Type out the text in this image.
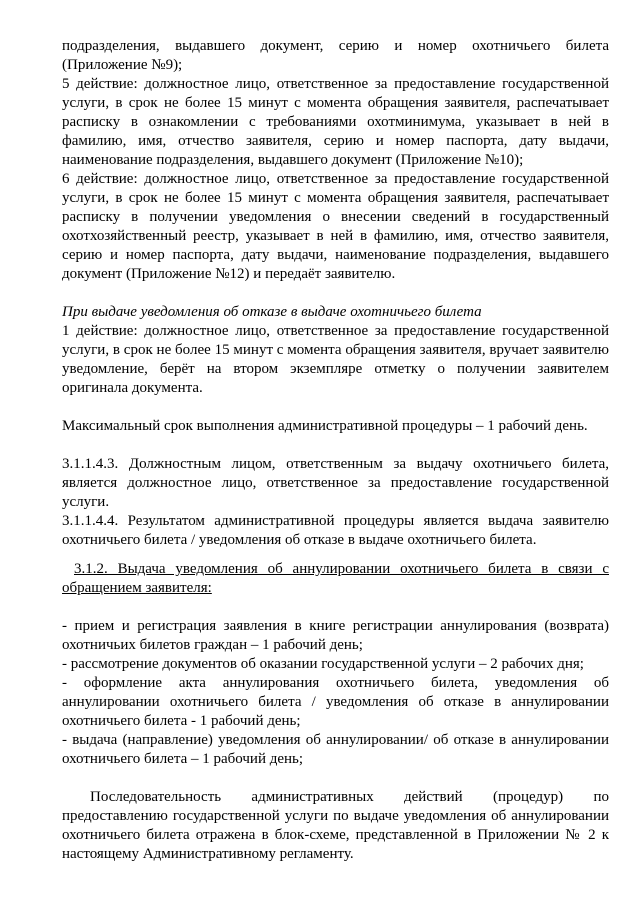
подразделения, выдавшего документ, серию и номер охотничьего билета (Приложение №9);

5 действие: должностное лицо, ответственное за предоставление государственной услуги, в срок не более 15 минут с момента обращения заявителя, распечатывает расписку в ознакомлении с требованиями охотминимума, указывает в ней в фамилию, имя, отчество заявителя, серию и номер паспорта, дату выдачи, наименование подразделения, выдавшего документ (Приложение №10);

6 действие: должностное лицо, ответственное за предоставление государственной услуги, в срок не более 15 минут с момента обращения заявителя, распечатывает расписку в получении уведомления о внесении сведений в государственный охотхозяйственный реестр, указывает в ней в фамилию, имя, отчество заявителя, серию и номер паспорта, дату выдачи, наименование подразделения, выдавшего документ (Приложение №12) и передаёт заявителю.

При выдаче уведомления об отказе в выдаче охотничьего билета

1 действие: должностное лицо, ответственное за предоставление государственной услуги, в срок не более 15 минут с момента обращения заявителя, вручает заявителю уведомление, берёт на втором экземпляре отметку о получении заявителем оригинала документа.

Максимальный срок выполнения административной процедуры – 1 рабочий день.

3.1.1.4.3. Должностным лицом, ответственным за выдачу охотничьего билета, является должностное лицо, ответственное за предоставление государственной услуги.

3.1.1.4.4. Результатом административной процедуры является выдача заявителю охотничьего билета / уведомления об отказе в выдаче охотничьего билета.

3.1.2. Выдача уведомления об аннулировании охотничьего билета в связи с обращением заявителя:

- прием и регистрация заявления в книге регистрации аннулирования (возврата) охотничьих билетов граждан – 1 рабочий день;

- рассмотрение документов об оказании государственной услуги – 2 рабочих дня;

- оформление акта аннулирования охотничьего билета, уведомления об аннулировании охотничьего билета / уведомления об отказе в аннулировании охотничьего билета - 1 рабочий день;

- выдача (направление) уведомления об аннулировании/ об отказе в аннулировании охотничьего билета – 1 рабочий день;

Последовательность административных действий (процедур) по предоставлению государственной услуги по выдаче уведомления об аннулировании охотничьего билета отражена в блок-схеме, представленной в Приложении № 2 к настоящему Административному регламенту.
